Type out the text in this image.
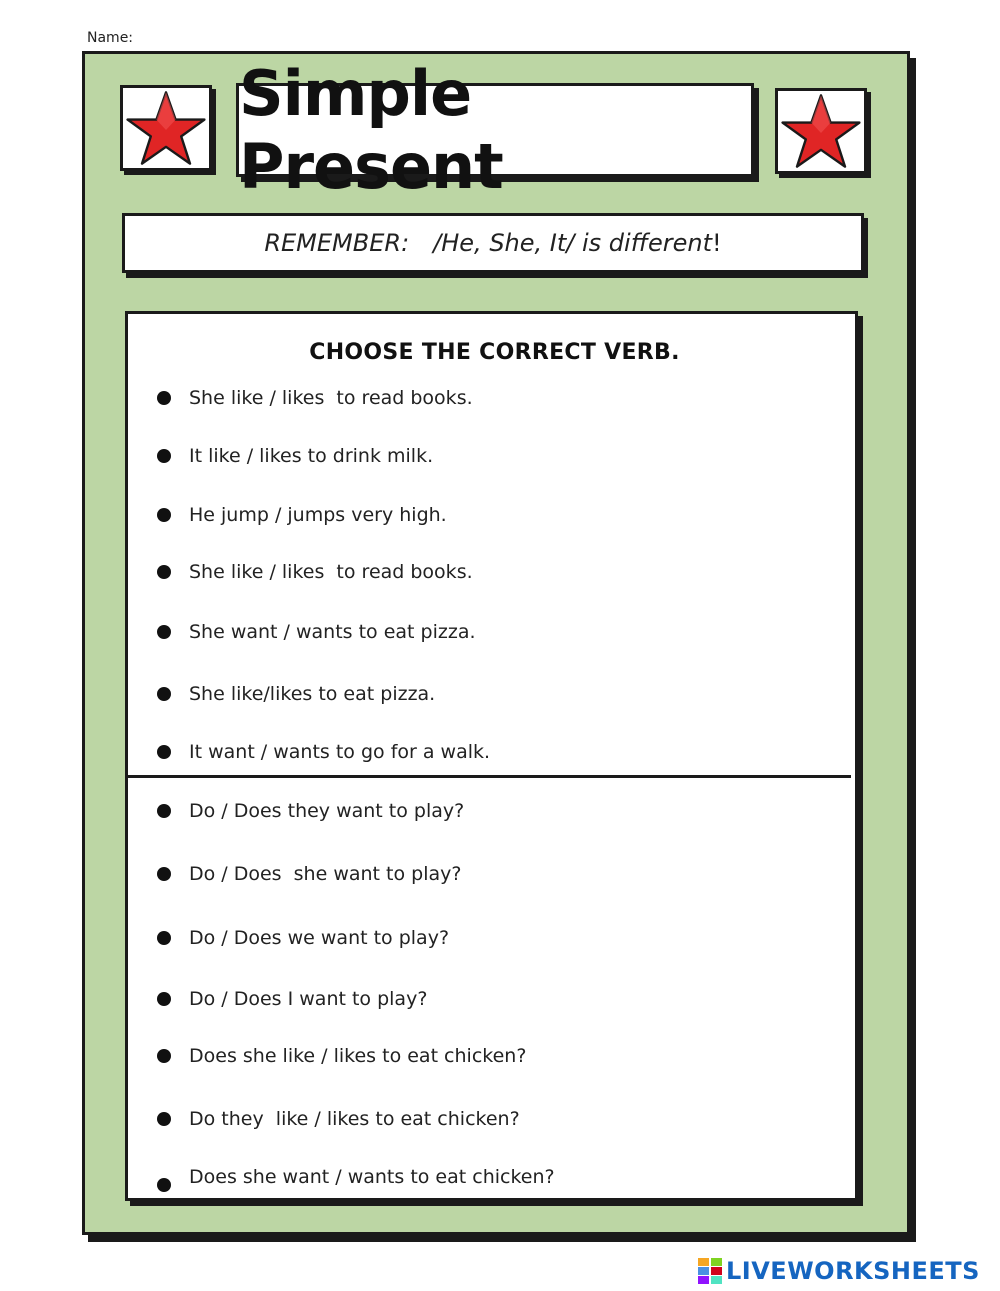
Name:
Simple Present
REMEMBER: /He, She, It/ is different !
CHOOSE THE CORRECT VERB.
She like / likes  to read books.
It like / likes to drink milk.
He jump / jumps very high.
She like / likes  to read books.
She want / wants to eat pizza.
She like/likes to eat pizza.
It want / wants to go for a walk.
Do / Does they want to play?
Do / Does  she want to play?
Do / Does we want to play?
Do / Does I want to play?
Does she like / likes to eat chicken?
Do they  like / likes to eat chicken?
Does she want / wants to eat chicken?
LIVEWORKSHEETS
